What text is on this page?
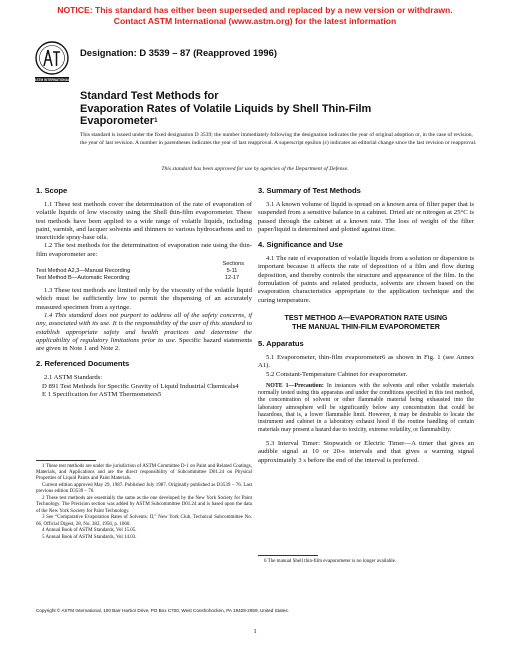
NOTICE: This standard has either been superseded and replaced by a new version or withdrawn.
Contact ASTM International (www.astm.org) for the latest information
ASTM INTERNATIONAL
Designation: D 3539 – 87 (Reapproved 1996)
Standard Test Methods for
Evaporation Rates of Volatile Liquids by Shell Thin-Film
Evaporometer$^1$
This standard is issued under the fixed designation D 3539; the number immediately following the designation indicates the year of original adoption or, in the case of revision, the year of last revision. A number in parentheses indicates the year of last reapproval. A superscript epsilon (ε) indicates an editorial change since the last revision or reapproval.
This standard has been approved for use by agencies of the Department of Defense.
1. Scope

1.1 These test methods cover the determination of the rate of evaporation of volatile liquids of low viscosity using the Shell thin-film evaporometer. These test methods have been applied to a wide range of volatile liquids, including paint, varnish, and lacquer solvents and thinners to various hydrocarbons and to insecticide spray-base oils.

1.2 The test methods for the determination of evaporation rate using the thin-film evaporometer are:

Sections
Test Method A2,3—Manual Recording	5-11
Test Method B—Automatic Recording	12-17

1.3 These test methods are limited only by the viscosity of the volatile liquid which must be sufficiently low to permit the dispensing of an accurately measured specimen from a syringe.

1.4 This standard does not purport to address all of the safety concerns, if any, associated with its use. It is the responsibility of the user of this standard to establish appropriate safety and health practices and determine the applicability of regulatory limitations prior to use. Specific hazard statements are given in Note 1 and Note 2.

2. Referenced Documents

2.1 ASTM Standards:

D 891 Test Methods for Specific Gravity of Liquid Industrial Chemicals4

E 1 Specification for ASTM Thermometers5

3. Summary of Test Methods

3.1 A known volume of liquid is spread on a known area of filter paper that is suspended from a sensitive balance in a cabinet. Dried air or nitrogen at 25°C is passed through the cabinet at a known rate. The loss of weight of the filter paper/liquid is determined and plotted against time.

4. Significance and Use

4.1 The rate of evaporation of volatile liquids from a solution or dispersion is important because it affects the rate of deposition of a film and flow during deposition, and thereby controls the structure and appearance of the film. In the formulation of paints and related products, solvents are chosen based on the evaporation characteristics appropriate to the application technique and the curing temperature.

TEST METHOD A—EVAPORATION RATE USING
THE MANUAL THIN-FILM EVAPOROMETER
5. Apparatus

5.1 Evaporometer, thin-film evaporometer6 as shown in Fig. 1 (see Annex A1).

5.2 Constant-Temperature Cabinet for evaporometer.

NOTE 1—Precaution: In instances with the solvents and other volatile materials normally tested using this apparatus and under the conditions specified in this test method, the concentration of solvent or other flammable material being exhausted into the laboratory atmosphere will be significantly below any concentration that could be hazardous, that is, a lower flammable limit. However, it may be desirable to locate the instrument and cabinet in a laboratory exhaust hood if the routine handling of certain materials may present a hazard due to toxicity, extreme volatility, or flammability.

5.3 Interval Timer: Stopwatch or Electric Timer—A timer that gives an audible signal at 10 or 20-s intervals and that gives a warning signal approximately 3 s before the end of the interval is preferred.

1 These test methods are under the jurisdiction of ASTM Committee D-1 on Paint and Related Coatings, Materials, and Applications and are the direct responsibility of Subcommittee D01.24 on Physical Properties of Liquid Paints and Paint Materials.

Current edition approved May 29, 1987. Published July 1987. Originally published as D3539 – 76. Last previous edition D3539 – 76.

2 These test methods are essentially the same as the one developed by the New York Society for Paint Technology. The Precision section was added by ASTM Subcommittee D01.24 and is based upon the data of the New York Society for Paint Technology.

3 See “Comparative Evaporation Rates of Solvents: II,” New York Club, Technical Subcommittee No. 66, Official Digest, 28, No. 382, 1956, p. 1060.

4 Annual Book of ASTM Standards, Vol 15.05.

5 Annual Book of ASTM Standards, Vol 14.03.

6 The manual Shell thin-film evaporometer is no longer available.

Copyright © ASTM International, 100 Barr Harbor Drive, PO Box C700, West Conshohocken, PA 19428-2959, United States.
1
